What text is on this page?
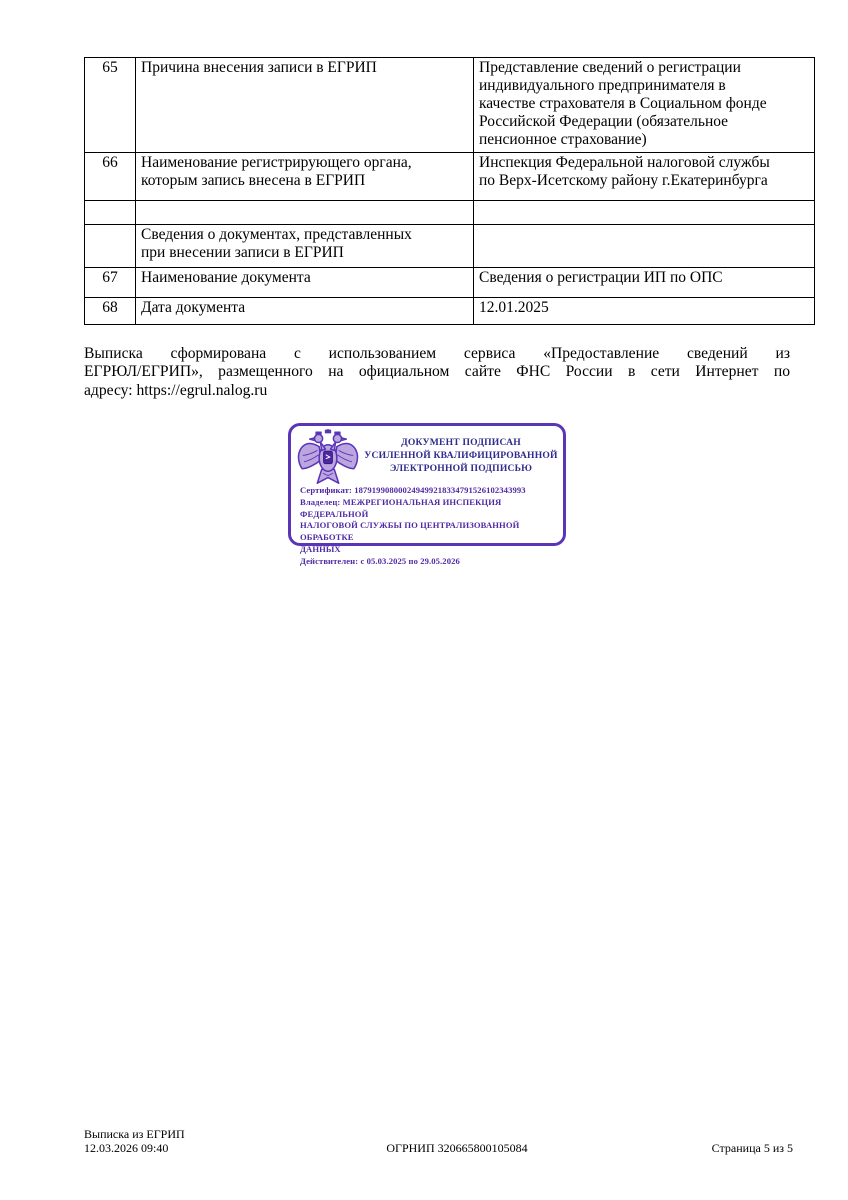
65	Причина внесения записи в ЕГРИП	Представление сведений о регистрации
индивидуального предпринимателя в
качестве страхователя в Социальном фонде
Российской Федерации (обязательное
пенсионное страхование)
66	Наименование регистрирующего органа,
которым запись внесена в ЕГРИП	Инспекция Федеральной налоговой службы
по Верх-Исетскому району г.Екатеринбурга

	Сведения о документах, представленных
при внесении записи в ЕГРИП	
67	Наименование документа	Сведения о регистрации ИП по ОПС
68	Дата документа	12.01.2025
Выписка сформирована с использованием сервиса «Предоставление сведений из
ЕГРЮЛ/ЕГРИП», размещенного на официальном сайте ФНС России в сети Интернет по
адресу: https://egrul.nalog.ru
ДОКУМЕНТ ПОДПИСАН
УСИЛЕННОЙ КВАЛИФИЦИРОВАННОЙ
ЭЛЕКТРОННОЙ ПОДПИСЬЮ
Сертификат: 187919908000249499218334791526102343993
Владелец: МЕЖРЕГИОНАЛЬНАЯ ИНСПЕКЦИЯ ФЕДЕРАЛЬНОЙ
НАЛОГОВОЙ СЛУЖБЫ ПО ЦЕНТРАЛИЗОВАННОЙ ОБРАБОТКЕ
ДАННЫХ
Действителен: с 05.03.2025 по 29.05.2026
Выписка из ЕГРИП
12.03.2026 09:40	ОГРНИП 320665800105084	Страница 5 из 5
